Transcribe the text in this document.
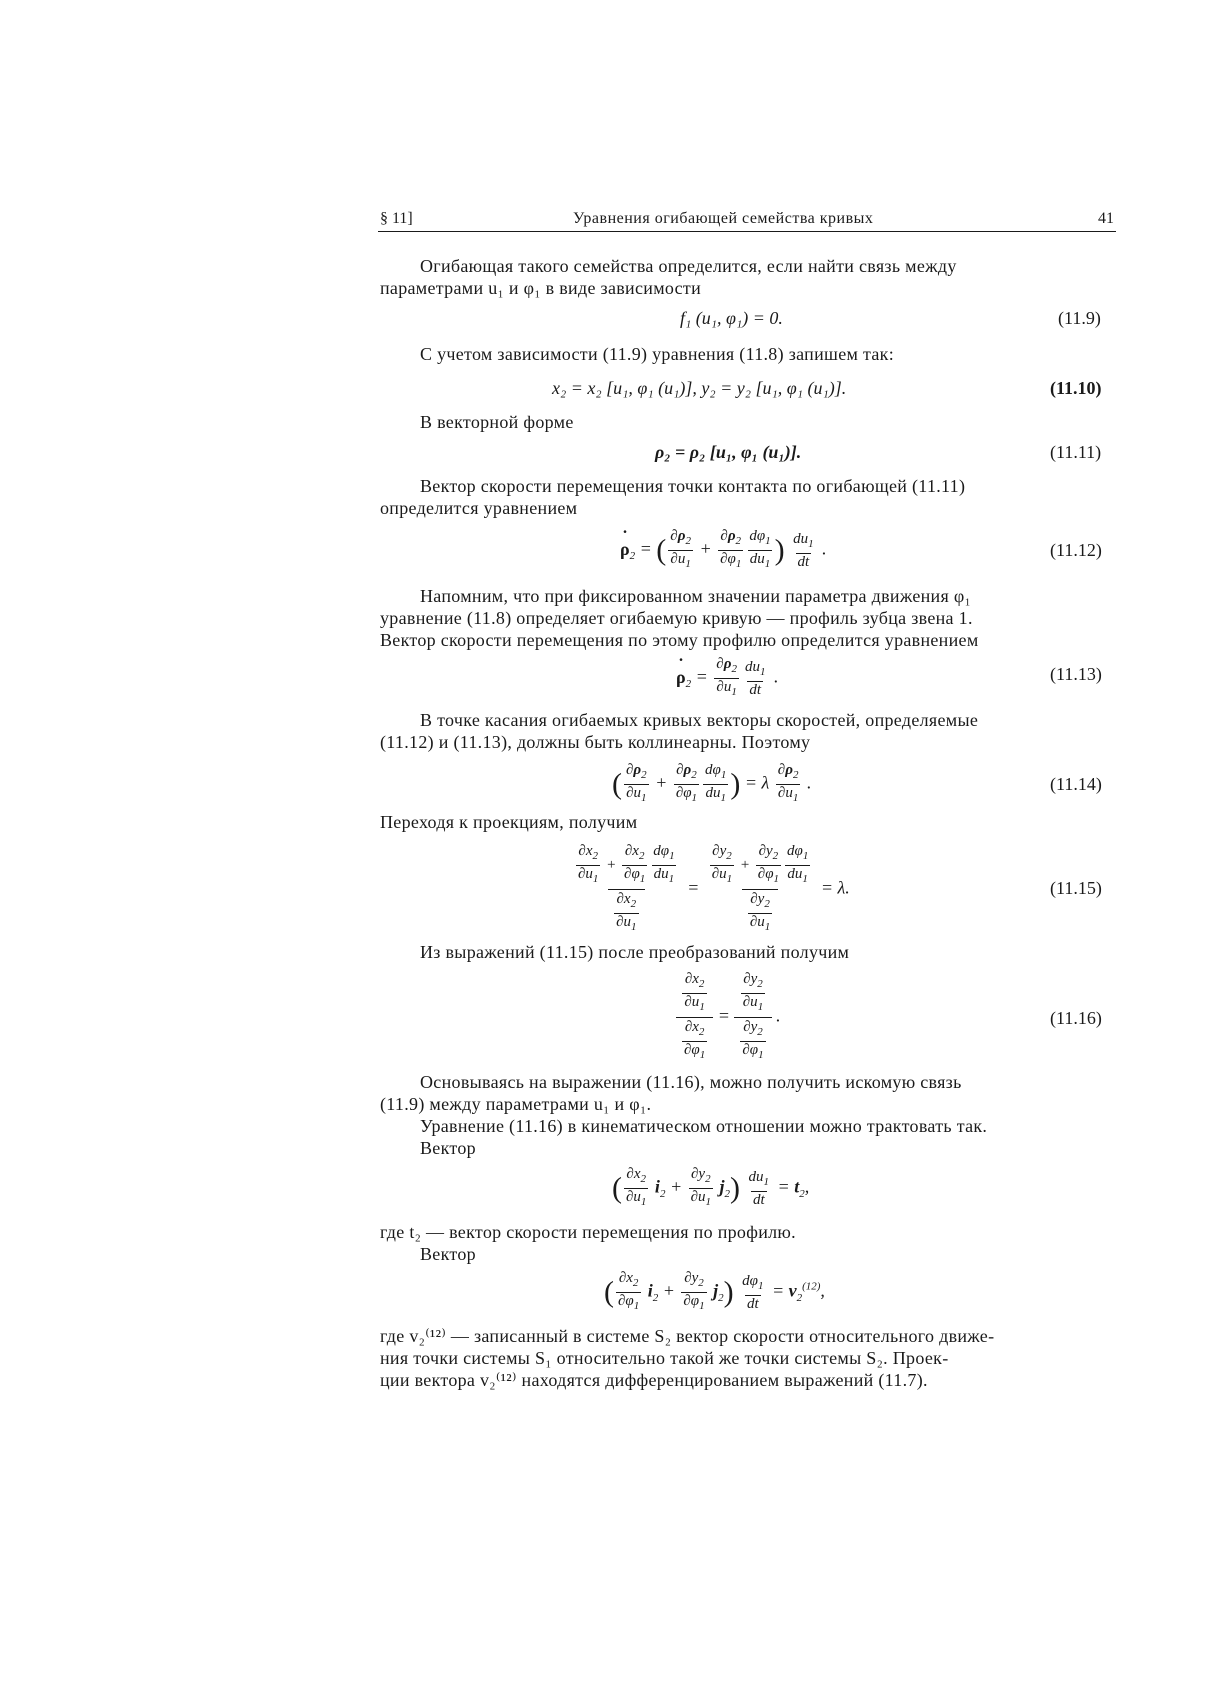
§ 11]	Уравнения огибающей семейства кривых	41
Огибающая такого семейства определится, если найти связь между
параметрами u₁ и φ₁ в виде зависимости
f₁ (u₁, φ₁) = 0.	(11.9)
С учетом зависимости (11.9) уравнения (11.8) запишем так:
x₂ = x₂ [u₁, φ₁ (u₁)], y₂ = y₂ [u₁, φ₁ (u₁)].	(11.10)
В векторной форме
ρ₂ = ρ₂ [u₁, φ₁ (u₁)].	(11.11)
Вектор скорости перемещения точки контакта по огибающей (11.11)
определится уравнением
˙ $\rho_2$ = ( $\frac{\partial\rho_2}{\partial u_1} + \frac{\partial\rho_2}{\partial\varphi_1} \frac{d\varphi_1}{du_1}$ ) $\frac{du_1}{dt}$ .	(11.12)
Напомним, что при фиксированном значении параметра движения φ₁
уравнение (11.8) определяет огибаемую кривую — профиль зубца звена 1.
Вектор скорости перемещения по этому профилю определится уравнением
˙ $\rho_2 = \frac{\partial\rho_2}{\partial u_1} \frac{du_1}{dt}$ .	(11.13)
В точке касания огибаемых кривых векторы скоростей, определяемые
(11.12) и (11.13), должны быть коллинеарны. Поэтому
( $\frac{\partial\rho_2}{\partial u_1} + \frac{\partial\rho_2}{\partial\varphi_1} \frac{d\varphi_1}{du_1}$ ) = λ $\frac{\partial\rho_2}{\partial u_1}$ .	(11.14)
Переходя к проекциям, получим
$\frac{\frac{\partial x_2}{\partial u_1} + \frac{\partial x_2}{\partial\varphi_1} \frac{d\varphi_1}{du_1}}{\frac{\partial x_2}{\partial u_1}} = \frac{\frac{\partial y_2}{\partial u_1} + \frac{\partial y_2}{\partial\varphi_1} \frac{d\varphi_1}{du_1}}{\frac{\partial y_2}{\partial u_1}} = \lambda$.	(11.15)
Из выражений (11.15) после преобразований получим
$\frac{\frac{\partial x_2}{\partial u_1}}{\frac{\partial x_2}{\partial\varphi_1}} = \frac{\frac{\partial y_2}{\partial u_1}}{\frac{\partial y_2}{\partial\varphi_1}}$ .	(11.16)
Основываясь на выражении (11.16), можно получить искомую связь
(11.9) между параметрами u₁ и φ₁.
Уравнение (11.16) в кинематическом отношении можно трактовать так.
Вектор
( $\frac{\partial x_2}{\partial u_1} i_2 + \frac{\partial y_2}{\partial u_1} j_2) \frac{du_1}{dt} = t_2$,
где t₂ — вектор скорости перемещения по профилю.
Вектор
( $\frac{\partial x_2}{\partial\varphi_1} i_2 + \frac{\partial y_2}{\partial\varphi_1} j_2) \frac{d\varphi_1}{dt} = v_2^{(12)}$,
где v₂⁽¹²⁾ — записанный в системе S₂ вектор скорости относительного движе-
ния точки системы S₁ относительно такой же точки системы S₂. Проек-
ции вектора v₂⁽¹²⁾ находятся дифференцированием выражений (11.7).
